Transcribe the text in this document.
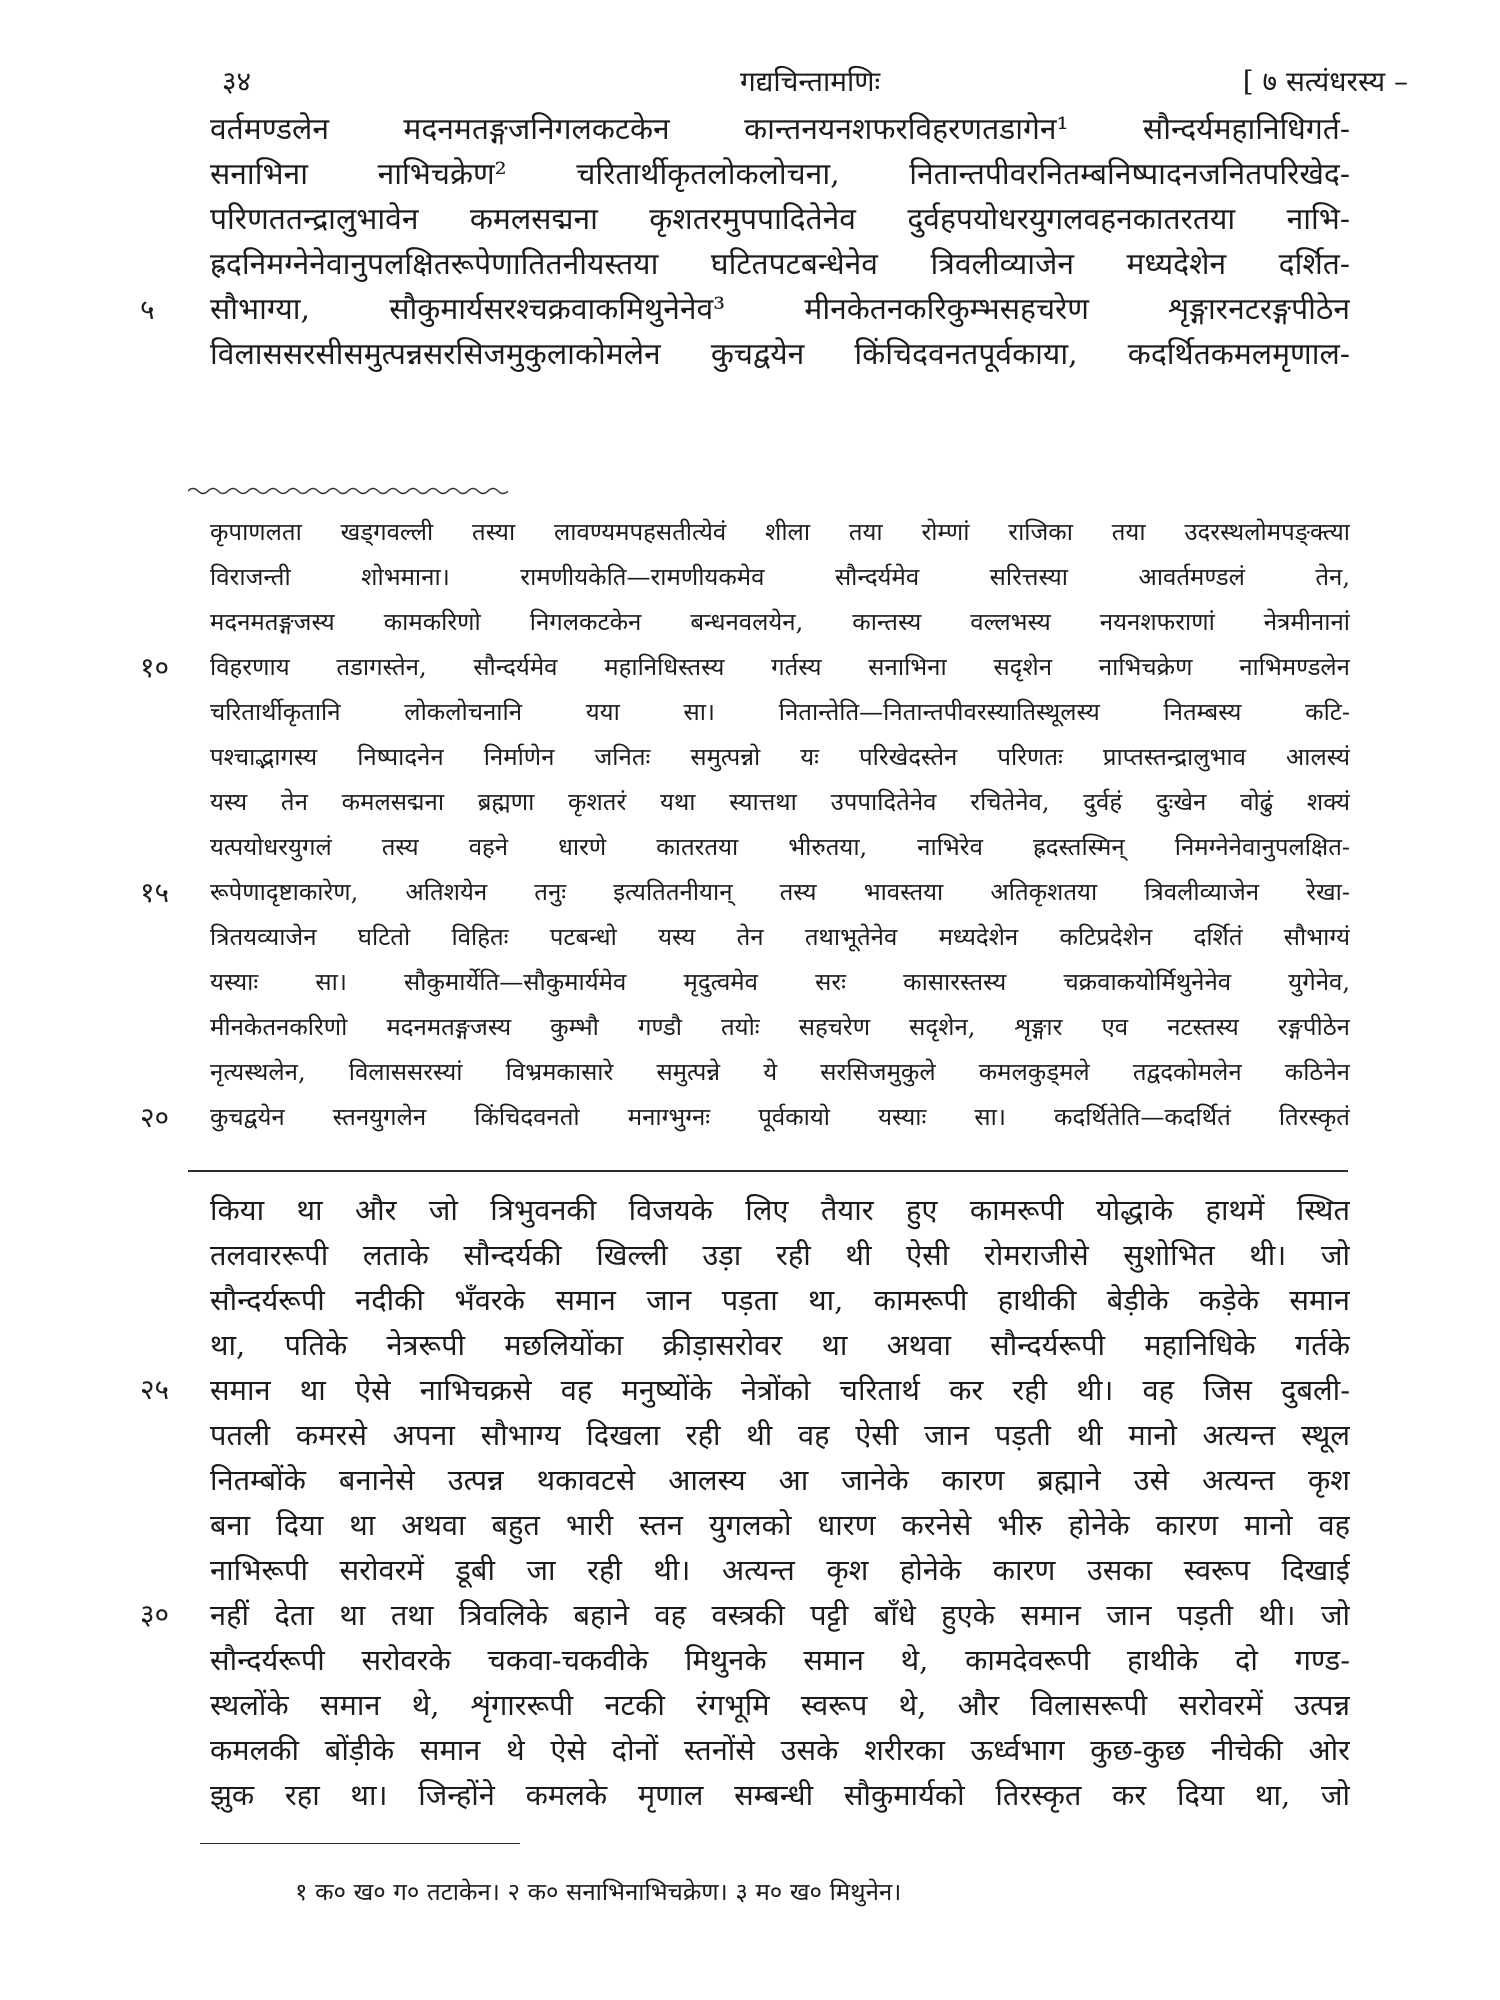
३४	गद्यचिन्तामणिः	[ ७ सत्यंधरस्य –
वर्तमण्डलेन मदनमतङ्गजनिगलकटकेन कान्तनयनशफरविहरणतडागेन¹ सौन्दर्यमहानिधिगर्त-
सनाभिना नाभिचक्रेण² चरितार्थीकृतलोकलोचना, नितान्तपीवरनितम्बनिष्पादनजनितपरिखेद-
परिणततन्द्रालुभावेन कमलसद्मना कृशतरमुपपादितेनेव दुर्वहपयोधरयुगलवहनकातरतया नाभि-
ह्रदनिमग्नेनेवानुपलक्षितरूपेणातितनीयस्तया घटितपटबन्धेनेव त्रिवलीव्याजेन मध्यदेशेन दर्शित-
५ सौभाग्या, सौकुमार्यसरश्चक्रवाकमिथुनेनेव³ मीनकेतनकरिकुम्भसहचरेण शृङ्गारनटरङ्गपीठेन
विलाससरसीसमुत्पन्नसरसिजमुकुलाकोमलेन कुचद्वयेन किंचिदवनतपूर्वकाया, कदर्थितकमलमृणाल-
कृपाणलता खड्गवल्ली तस्या लावण्यमपहसतीत्येवं शीला तया रोम्णां राजिका तया उदरस्थलोमपङ्क्त्या
विराजन्ती शोभमाना। रामणीयकेति—रामणीयकमेव सौन्दर्यमेव सरित्तस्या आवर्तमण्डलं तेन,
मदनमतङ्गजस्य कामकरिणो निगलकटकेन बन्धनवलयेन, कान्तस्य वल्लभस्य नयनशफराणां नेत्रमीनानां
१० विहरणाय तडागस्तेन, सौन्दर्यमेव महानिधिस्तस्य गर्तस्य सनाभिना सदृशेन नाभिचक्रेण नाभिमण्डलेन
चरितार्थीकृतानि लोकलोचनानि यया सा। नितान्तेति—नितान्तपीवरस्यातिस्थूलस्य नितम्बस्य कटि-
पश्चाद्भागस्य निष्पादनेन निर्माणेन जनितः समुत्पन्नो यः परिखेदस्तेन परिणतः प्राप्तस्तन्द्रालुभाव आलस्यं
यस्य तेन कमलसद्मना ब्रह्मणा कृशतरं यथा स्यात्तथा उपपादितेनेव रचितेनेव, दुर्वहं दुःखेन वोढुं शक्यं
यत्पयोधरयुगलं तस्य वहने धारणे कातरतया भीरुतया, नाभिरेव ह्रदस्तस्मिन् निमग्नेनेवानुपलक्षित-
१५ रूपेणादृष्टाकारेण, अतिशयेन तनुः इत्यतितनीयान् तस्य भावस्तया अतिकृशतया त्रिवलीव्याजेन रेखा-
त्रितयव्याजेन घटितो विहितः पटबन्धो यस्य तेन तथाभूतेनेव मध्यदेशेन कटिप्रदेशेन दर्शितं सौभाग्यं
यस्याः सा। सौकुमार्येति—सौकुमार्यमेव मृदुत्वमेव सरः कासारस्तस्य चक्रवाकयोर्मिथुनेनेव युगेनेव,
मीनकेतनकरिणो मदनमतङ्गजस्य कुम्भौ गण्डौ तयोः सहचरेण सदृशेन, शृङ्गार एव नटस्तस्य रङ्गपीठेन
नृत्यस्थलेन, विलाससरस्यां विभ्रमकासारे समुत्पन्ने ये सरसिजमुकुले कमलकुड्मले तद्वदकोमलेन कठिनेन
२० कुचद्वयेन स्तनयुगलेन किंचिदवनतो मनाग्भुग्नः पूर्वकायो यस्याः सा। कदर्थितेति—कदर्थितं तिरस्कृतं
किया था और जो त्रिभुवनकी विजयके लिए तैयार हुए कामरूपी योद्धाके हाथमें स्थित
तलवाररूपी लताके सौन्दर्यकी खिल्ली उड़ा रही थी ऐसी रोमराजीसे सुशोभित थी। जो
सौन्दर्यरूपी नदीकी भँवरके समान जान पड़ता था, कामरूपी हाथीकी बेड़ीके कड़ेके समान
था, पतिके नेत्ररूपी मछलियोंका क्रीड़ासरोवर था अथवा सौन्दर्यरूपी महानिधिके गर्तके
२५ समान था ऐसे नाभिचक्रसे वह मनुष्योंके नेत्रोंको चरितार्थ कर रही थी। वह जिस दुबली-
पतली कमरसे अपना सौभाग्य दिखला रही थी वह ऐसी जान पड़ती थी मानो अत्यन्त स्थूल
नितम्बोंके बनानेसे उत्पन्न थकावटसे आलस्य आ जानेके कारण ब्रह्माने उसे अत्यन्त कृश
बना दिया था अथवा बहुत भारी स्तन युगलको धारण करनेसे भीरु होनेके कारण मानो वह
नाभिरूपी सरोवरमें डूबी जा रही थी। अत्यन्त कृश होनेके कारण उसका स्वरूप दिखाई
३० नहीं देता था तथा त्रिवलिके बहाने वह वस्त्रकी पट्टी बाँधे हुएके समान जान पड़ती थी। जो
सौन्दर्यरूपी सरोवरके चकवा-चकवीके मिथुनके समान थे, कामदेवरूपी हाथीके दो गण्ड-
स्थलोंके समान थे, शृंगाररूपी नटकी रंगभूमि स्वरूप थे, और विलासरूपी सरोवरमें उत्पन्न
कमलकी बोंड़ीके समान थे ऐसे दोनों स्तनोंसे उसके शरीरका ऊर्ध्वभाग कुछ-कुछ नीचेकी ओर
झुक रहा था। जिन्होंने कमलके मृणाल सम्बन्धी सौकुमार्यको तिरस्कृत कर दिया था, जो
१ क० ख० ग० तटाकेन। २ क० सनाभिनाभिचक्रेण। ३ म० ख० मिथुनेन।
